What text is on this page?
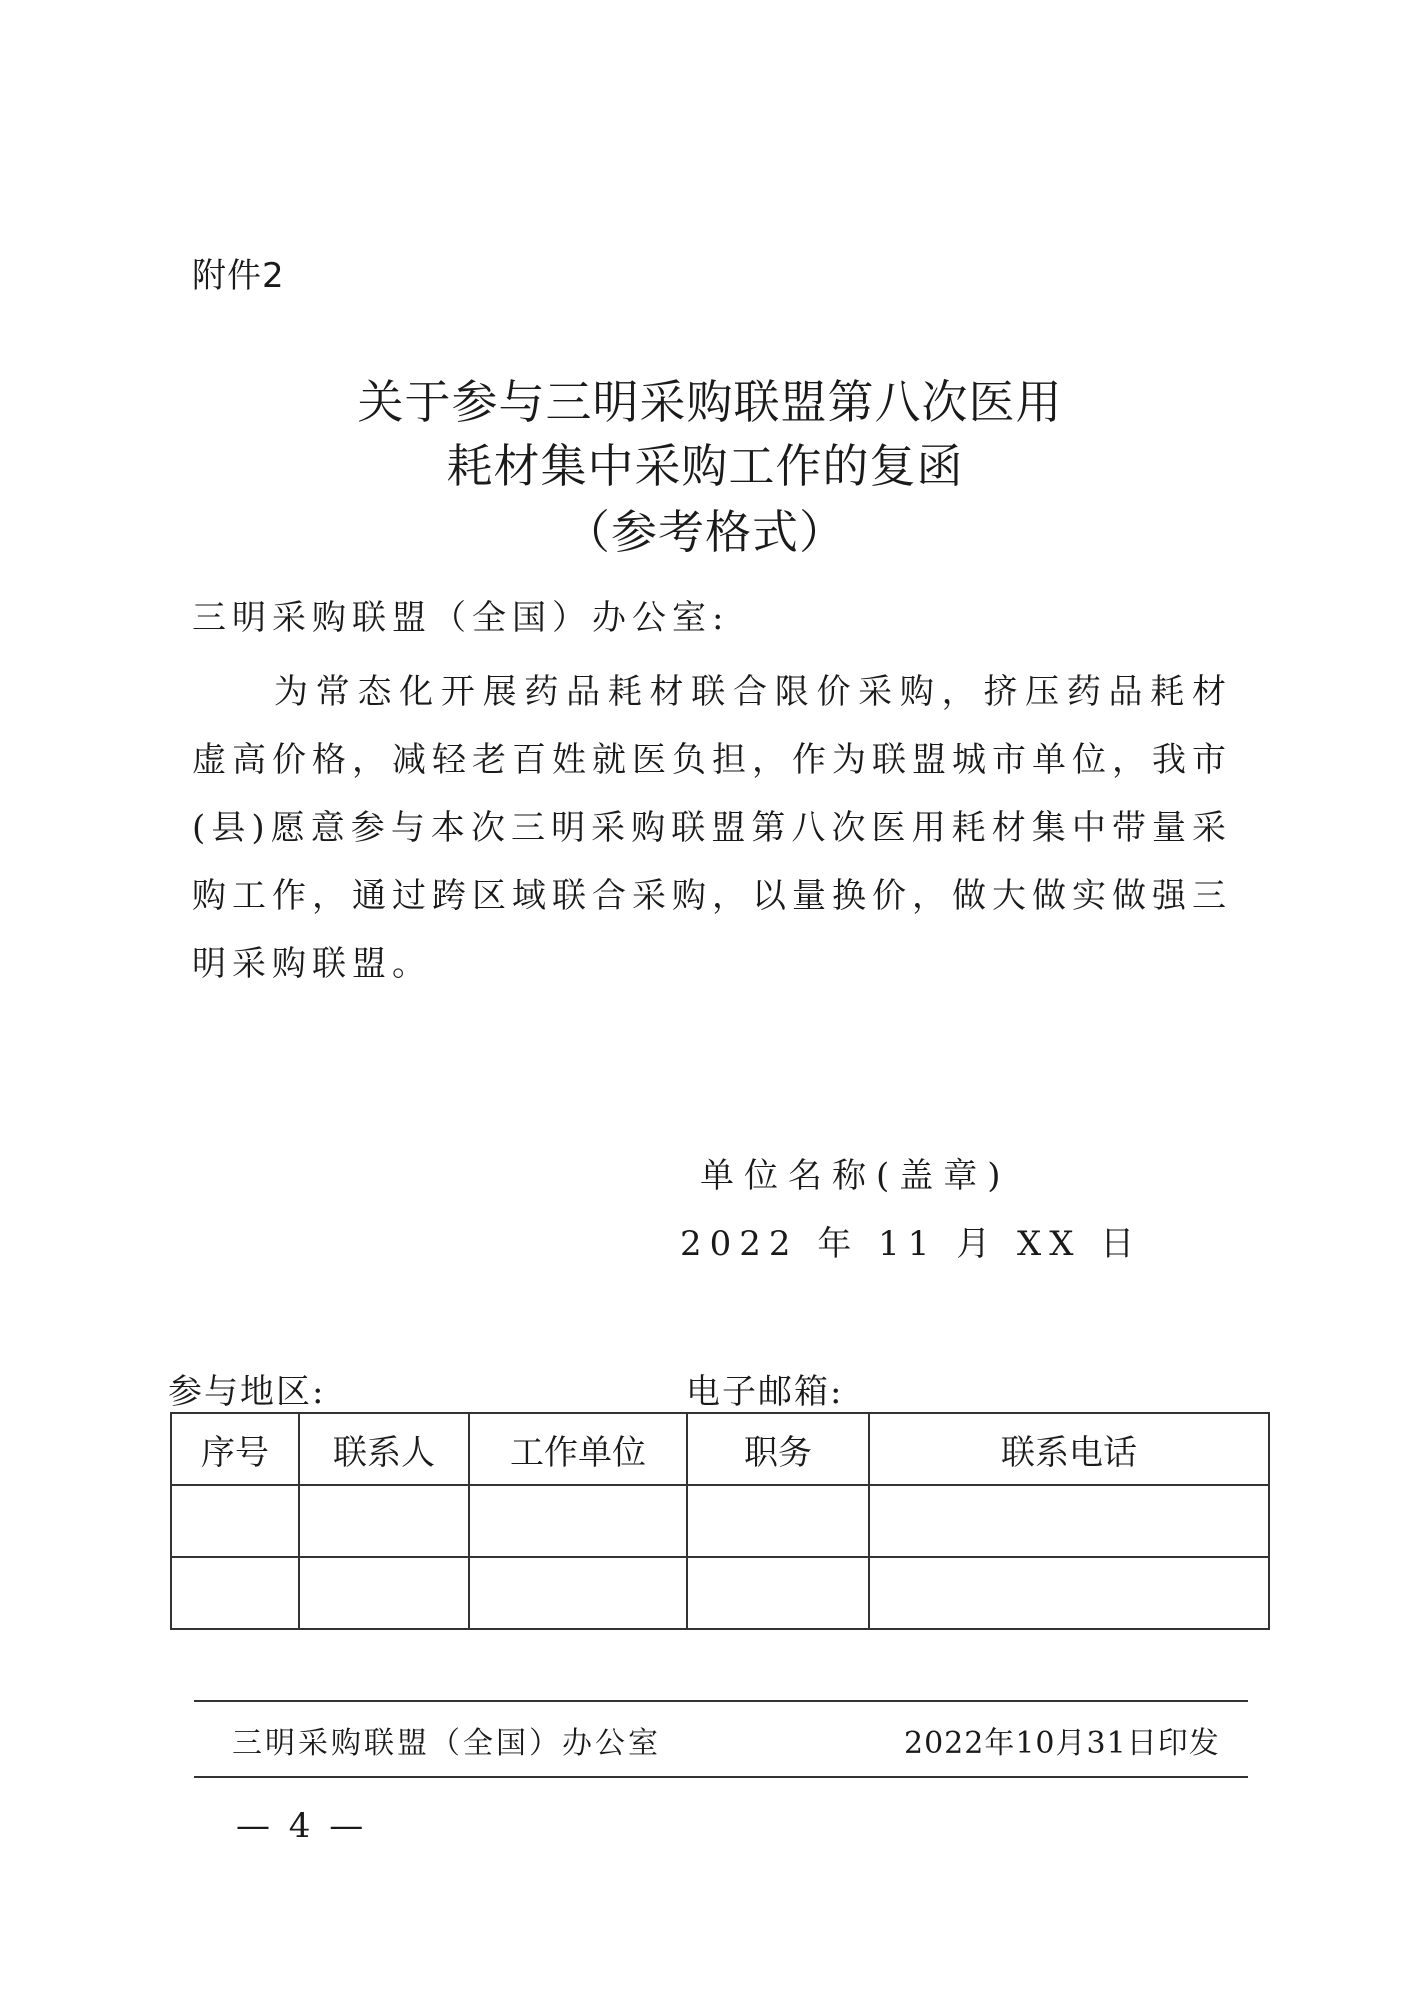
附件2
关于参与三明采购联盟第八次医用
耗材集中采购工作的复函
（参考格式）
三明采购联盟（全国）办公室:
为常态化开展药品耗材联合限价采购，挤压药品耗材虚高价格，减轻老百姓就医负担，作为联盟城市单位，我市(县)愿意参与本次三明采购联盟第八次医用耗材集中带量采购工作，通过跨区域联合采购，以量换价，做大做实做强三明采购联盟。
单位名称(盖章)
2022 年 11 月 XX 日
参与地区:	电子邮箱:
序号	联系人	工作单位	职务	联系电话

三明采购联盟（全国）办公室	2022年10月31日印发
— 4 —
